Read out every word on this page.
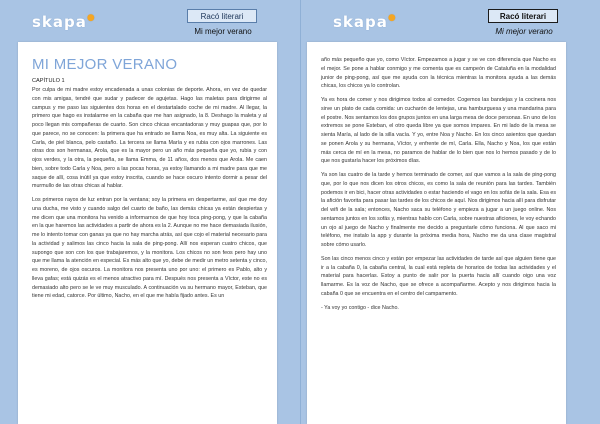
skapa●	Racó literari
Mi mejor verano
MI MEJOR VERANO

CAPÍTULO 1

Por culpa de mi madre estoy encadenada a unas colonias de deporte. Ahora, en vez de quedar con mis amigas, tendré que sudar y padecer de agujetas. Hago las maletas para dirigirme al campus y me paso las siguientes dos horas en el destartalado coche de mi madre. Al llegar, la primero que hago es instalarme en la cabaña que me han asignado, la 8. Deshago la maleta y al poco llegan mis compañeras de cuarto. Son cinco chicas encantadoras y muy guapas que, por lo que parece, no se conocen: la primera que ha entrado se llama Noa, es muy alta. La siguiente es Carla, de piel blanca, pelo castaño. La tercera se llama María y es rubia con ojos marrones. Las otras dos son hermanas, Arola, que es la mayor pero un año más pequeña que yo, rubia y con ojos verdes, y la otra, la pequeña, se llama Emma, de 11 años, dos menos que Arola. Me caen bien, sobre todo Carla y Noa, pero a las pocas horas, ya estoy llamando a mi madre para que me saque de allí, cosa inútil ya que estoy inscrita, cuando se hace oscuro intento dormir a pesar del murmullo de las otras chicas al hablar.

Los primeros rayos de luz entran por la ventana; soy la primera en despertarme, así que me doy una ducha, me visto y cuando salgo del cuarto de baño, las demás chicas ya están despiertas y me dicen que una monitora ha venido a informarnos de que hoy toca ping-pong, y que la cabaña en la que haremos las actividades a partir de ahora es la 2. Aunque no me hace demasiada ilusión, me lo intento tomar con ganas ya que no hay marcha atrás, así que cojo el material necesario para la actividad y salimos las cinco hacia la sala de ping-pong. Allí nos esperan cuatro chicos, que supongo que son con los que trabajaremos, y la monitora. Los chicos no son feos pero hay uno que me llama la atención en especial. Es más alto que yo, debe de medir un metro setenta y cinco, es moreno, de ojos oscuros. La monitora nos presenta uno por uno: el primero es Pablo, alto y lleva gafas; está quizás es el menos atractivo para mí. Después nos presenta a Víctor, este no es demasiado alto pero se le ve muy musculado. A continuación va su hermano mayor, Esteban, que tiene mi edad, catorce. Por último, Nacho, en el que me había fijado antes. Es un

skapa●	Racó literari
Mi mejor verano

año más pequeño que yo, como Víctor. Empezamos a jugar y se ve con diferencia que Nacho es el mejor. Se pone a hablar conmigo y me comenta que es campeón de Cataluña en la modalidad junior de ping-pong, así que me ayuda con la técnica mientras la monitora ayuda a las demás chicas, los chicos ya lo controlan.

Ya es hora de comer y nos dirigimos todos al comedor. Cogemos las bandejas y la cocinera nos sirve un plato de cada comida: un cucharón de lentejas, una hamburguesa y una mandarina para el postre. Nos sentamos los dos grupos juntos en una larga mesa de doce personas. En uno de los extremos se pone Esteban, el otro queda libre ya que somos impares. En mi lado de la mesa se sienta María, al lado de la silla vacía. Y yo, entre Noa y Nacho. En los cinco asientos que quedan se ponen Arola y su hermana, Víctor, y enfrente de mí, Carla. Ella, Nacho y Noa, los que están más cerca de mí en la mesa, no paramos de hablar de lo bien que nos lo hemos pasado y de lo que nos gustaría hacer los próximos días.

Ya son las cuatro de la tarde y hemos terminado de comer, así que vamos a la sala de ping-pong que, por lo que nos dicen los otros chicos, es como la sala de reunión para las tardes. También podemos ir en bici, hacer otras actividades o estar haciendo el vago en los sofás de la sala. Esa es la afición favorita para pasar las tardes de los chicos de aquí. Nos dirigimos hacia allí para disfrutar del wifi de la sala; entonces, Nacho saca su teléfono y empieza a jugar a un juego online. Nos sentamos juntos en los sofás y, mientras hablo con Carla, sobre nuestras aficiones, le voy echando un ojo al juego de Nacho y finalmente me decido a preguntarle cómo funciona. Al que saco mi teléfono, me instalo la app y durante la próxima media hora, Nacho me da una clase magistral sobre cómo usarlo.

Son las cinco menos cinco y están por empezar las actividades de tarde así que alguien tiene que ir a la cabaña 0, la cabaña central, la cual está repleta de horarios de todas las actividades y el material para hacerlas. Estoy a punto de salir por la puerta hacia allí cuando oigo una voz llamarme. Es la voz de Nacho, que se ofrece a acompañarme. Acepto y nos dirigimos hacia la cabaña 0 que se encuentra en el centro del campamento.

- Ya voy yo contigo - dice Nacho.
